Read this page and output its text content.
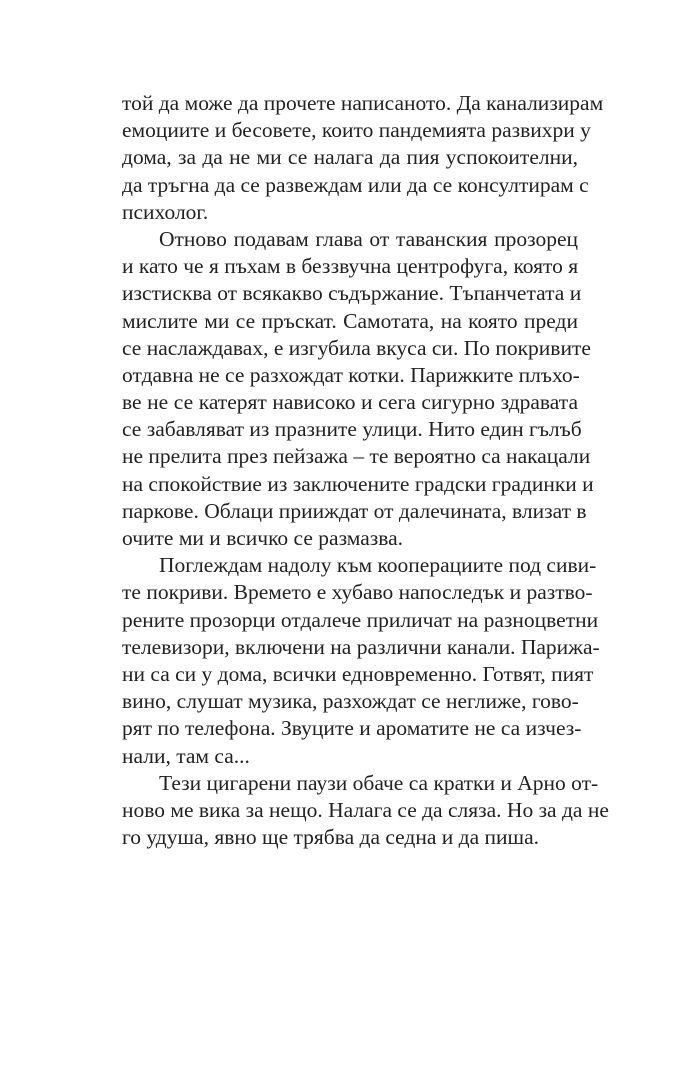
той да може да прочете написаното. Да канализирам
емоциите и бесовете, които пандемията развихри у
дома, за да не ми се налага да пия успокоителни,
да тръгна да се развеждам или да се консултирам с
психолог.
Отново подавам глава от таванския прозорец
и като че я пъхам в беззвучна центрофуга, която я
изстисква от всякакво съдържание. Тъпанчетата и
мислите ми се пръскат. Самотата, на която преди
се наслаждавах, е изгубила вкуса си. По покривите
отдавна не се разхождат котки. Парижките плъхо-
ве не се катерят нависоко и сега сигурно здравата
се забавляват из празните улици. Нито един гълъб
не прелита през пейзажа – те вероятно са накацали
на спокойствие из заключените градски градинки и
паркове. Облаци прииждат от далечината, влизат в
очите ми и всичко се размазва.
Поглеждам надолу към кооперациите под сиви-
те покриви. Времето е хубаво напоследък и разтво-
рените прозорци отдалече приличат на разноцветни
телевизори, включени на различни канали. Парижа-
ни са си у дома, всички едновременно. Готвят, пият
вино, слушат музика, разхождат се неглиже, гово-
рят по телефона. Звуците и ароматите не са изчез-
нали, там са...
Тези цигарени паузи обаче са кратки и Арно от-
ново ме вика за нещо. Налага се да сляза. Но за да не
го удуша, явно ще трябва да седна и да пиша.
